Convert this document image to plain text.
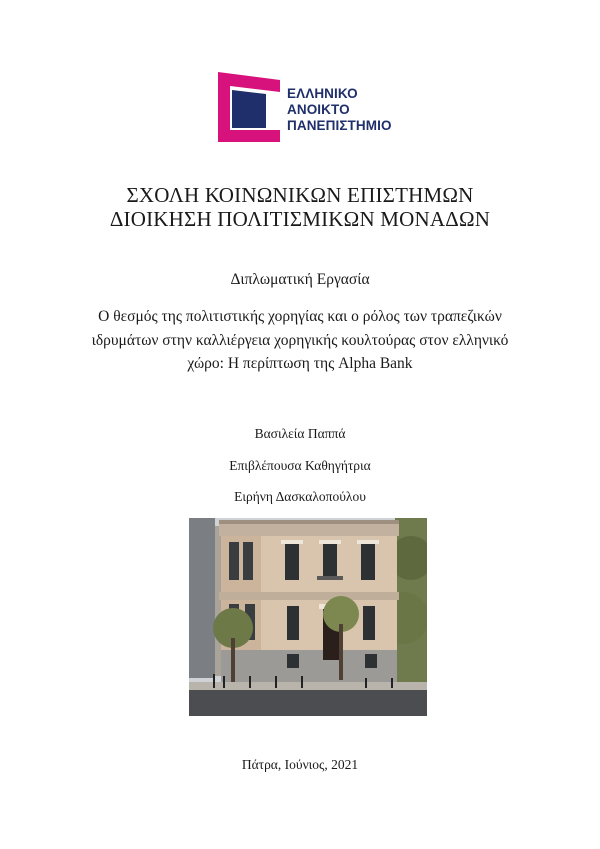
ΕΛΛΗΝΙΚΟ
ΑΝΟΙΚΤΟ
ΠΑΝΕΠΙΣΤΗΜΙΟ
ΣΧΟΛΗ ΚΟΙΝΩΝΙΚΩΝ ΕΠΙΣΤΗΜΩΝ
ΔΙΟΙΚΗΣΗ ΠΟΛΙΤΙΣΜΙΚΩΝ ΜΟΝΑΔΩΝ
Διπλωματική Εργασία
Ο θεσμός της πολιτιστικής χορηγίας και ο ρόλος των τραπεζικών
ιδρυμάτων στην καλλιέργεια χορηγικής κουλτούρας στον ελληνικό
χώρο: Η περίπτωση της Alpha Bank
Βασιλεία Παππά
Επιβλέπουσα Καθηγήτρια
Ειρήνη Δασκαλοπούλου
Πάτρα, Ιούνιος, 2021
